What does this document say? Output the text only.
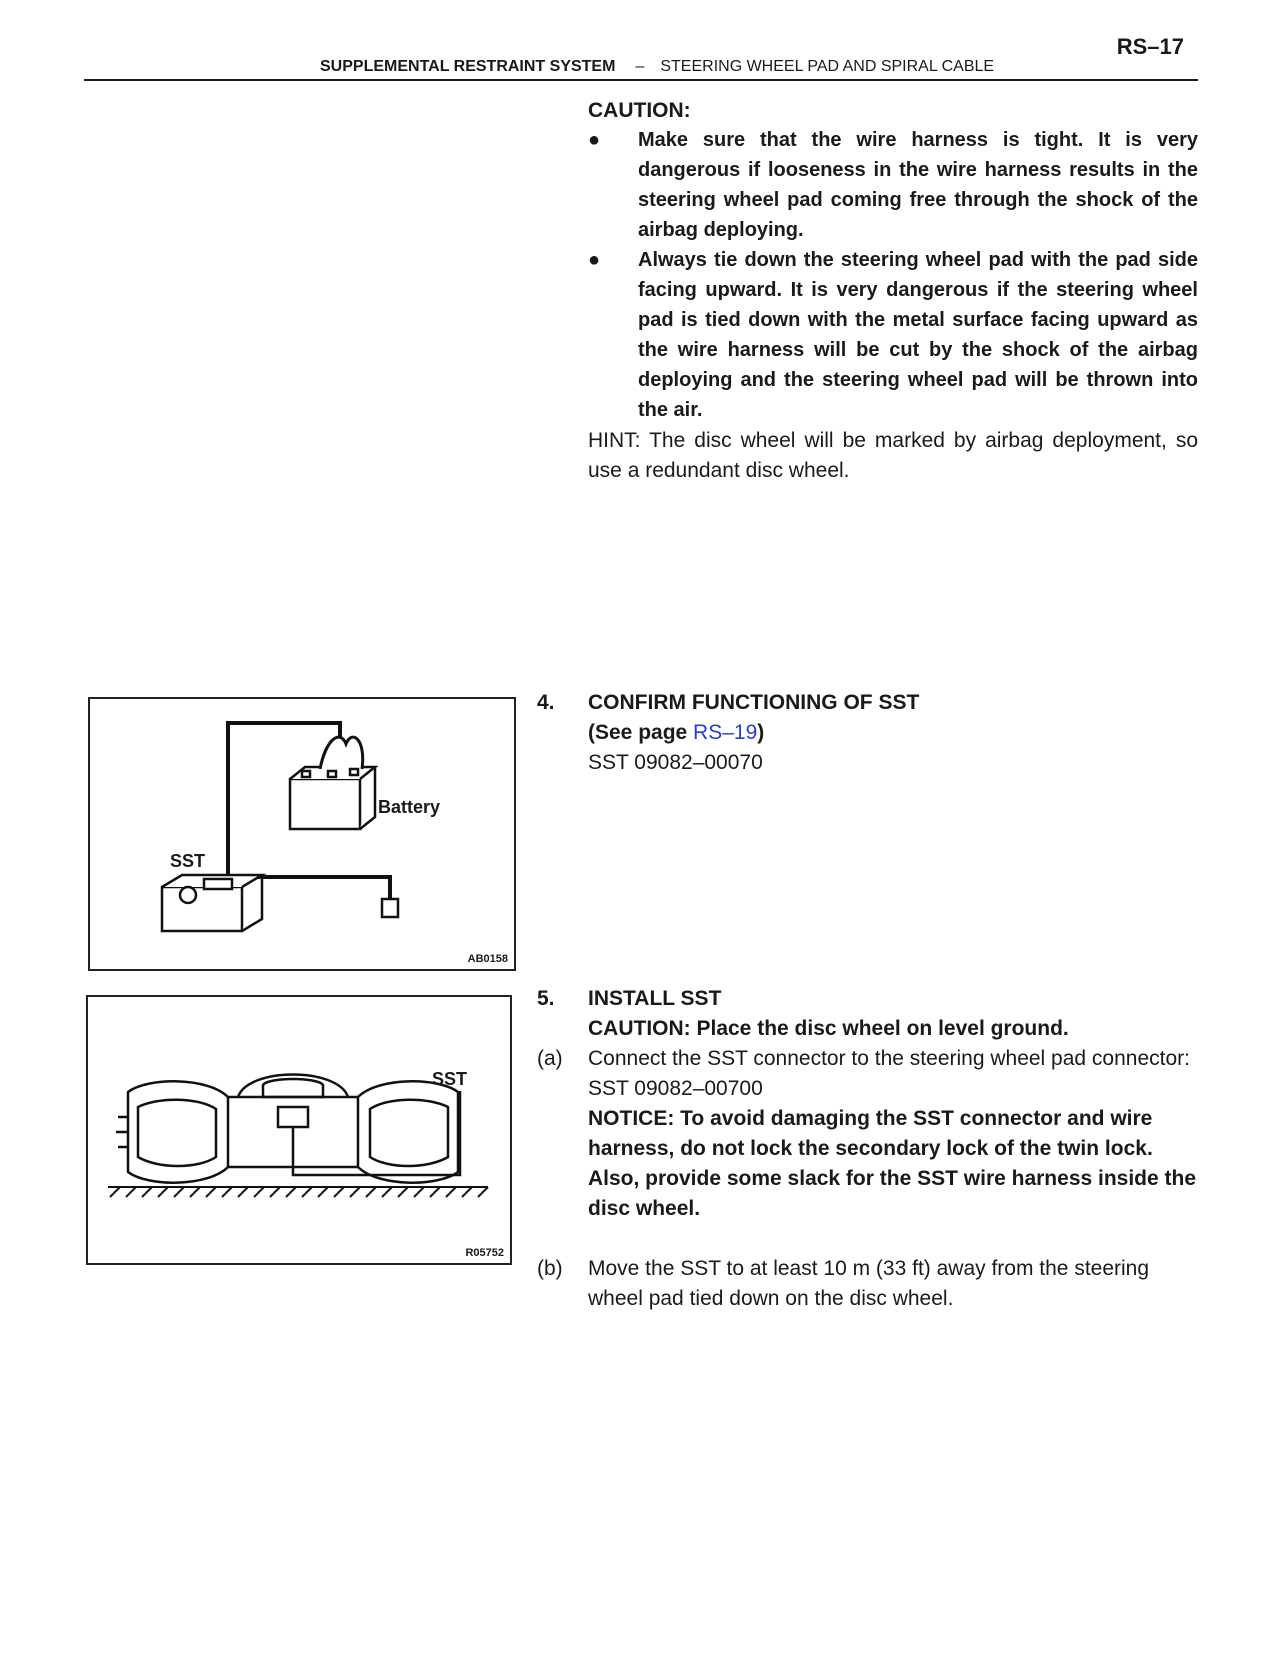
RS–17
SUPPLEMENTAL RESTRAINT SYSTEM – STEERING WHEEL PAD AND SPIRAL CABLE
CAUTION:
●	Make sure that the wire harness is tight. It is very dangerous if looseness in the wire harness results in the steering wheel pad coming free through the shock of the airbag deploying.
●	Always tie down the steering wheel pad with the pad side facing upward. It is very dangerous if the steering wheel pad is tied down with the metal surface facing upward as the wire harness will be cut by the shock of the airbag deploying and the steering wheel pad will be thrown into the air.
HINT: The disc wheel will be marked by airbag deployment, so use a redundant disc wheel.
Battery
SST
AB0158
4.	CONFIRM FUNCTIONING OF SST
(See page RS–19)
SST 09082–00070
SST
R05752
5.	INSTALL SST
CAUTION: Place the disc wheel on level ground.
(a)	Connect the SST connector to the steering wheel pad connector:
SST 09082–00700
NOTICE: To avoid damaging the SST connector and wire harness, do not lock the secondary lock of the twin lock. Also, provide some slack for the SST wire harness inside the disc wheel.
(b)	Move the SST to at least 10 m (33 ft) away from the steering wheel pad tied down on the disc wheel.
